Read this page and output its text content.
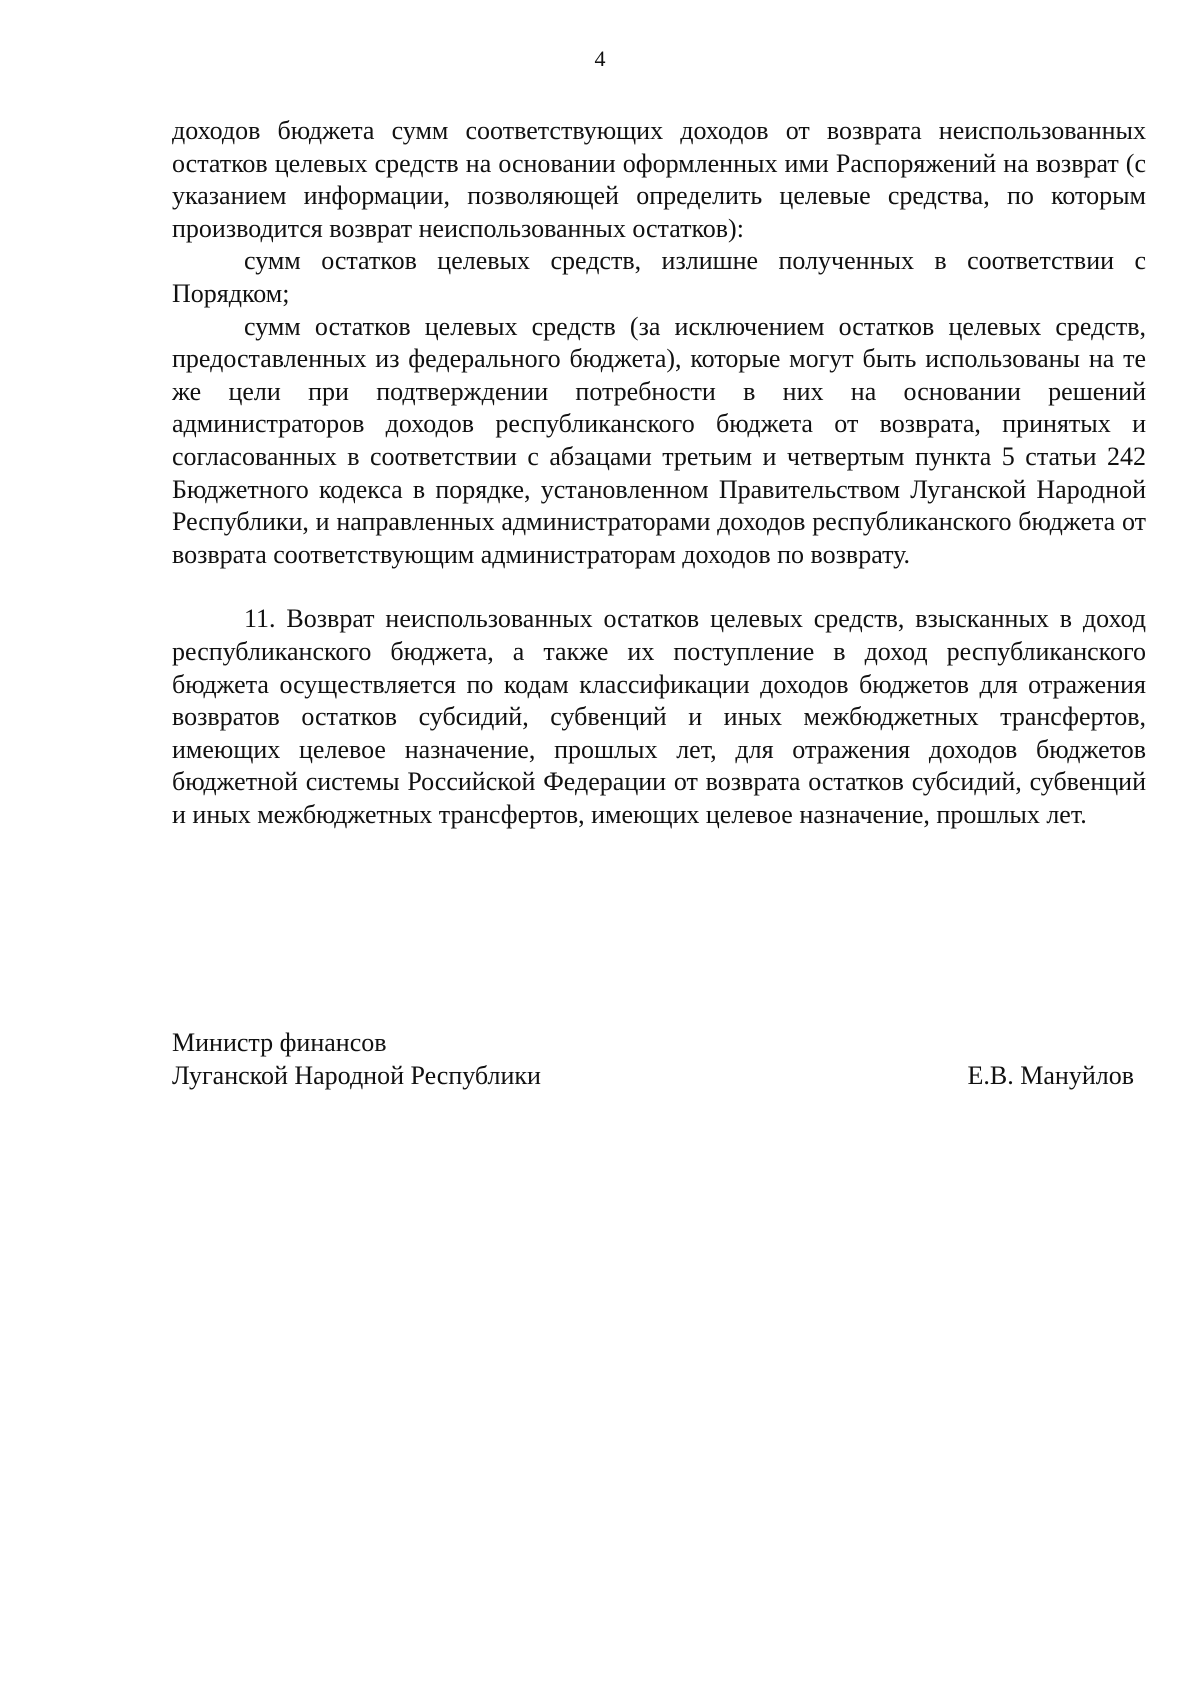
4

доходов бюджета сумм соответствующих доходов от возврата неиспользованных остатков целевых средств на основании оформленных ими Распоряжений на возврат (с указанием информации, позволяющей определить целевые средства, по которым производится возврат неиспользованных остатков):

сумм остатков целевых средств, излишне полученных в соответствии с Порядком;

сумм остатков целевых средств (за исключением остатков целевых средств, предоставленных из федерального бюджета), которые могут быть использованы на те же цели при подтверждении потребности в них на основании решений администраторов доходов республиканского бюджета от возврата, принятых и согласованных в соответствии с абзацами третьим и четвертым пункта 5 статьи 242 Бюджетного кодекса в порядке, установленном Правительством Луганской Народной Республики, и направленных администраторами доходов республиканского бюджета от возврата соответствующим администраторам доходов по возврату.

11. Возврат неиспользованных остатков целевых средств, взысканных в доход республиканского бюджета, а также их поступление в доход республиканского бюджета осуществляется по кодам классификации доходов бюджетов для отражения возвратов остатков субсидий, субвенций и иных межбюджетных трансфертов, имеющих целевое назначение, прошлых лет, для отражения доходов бюджетов бюджетной системы Российской Федерации от возврата остатков субсидий, субвенций и иных межбюджетных трансфертов, имеющих целевое назначение, прошлых лет.

Министр финансов
Луганской Народной Республики	Е.В. Мануйлов
